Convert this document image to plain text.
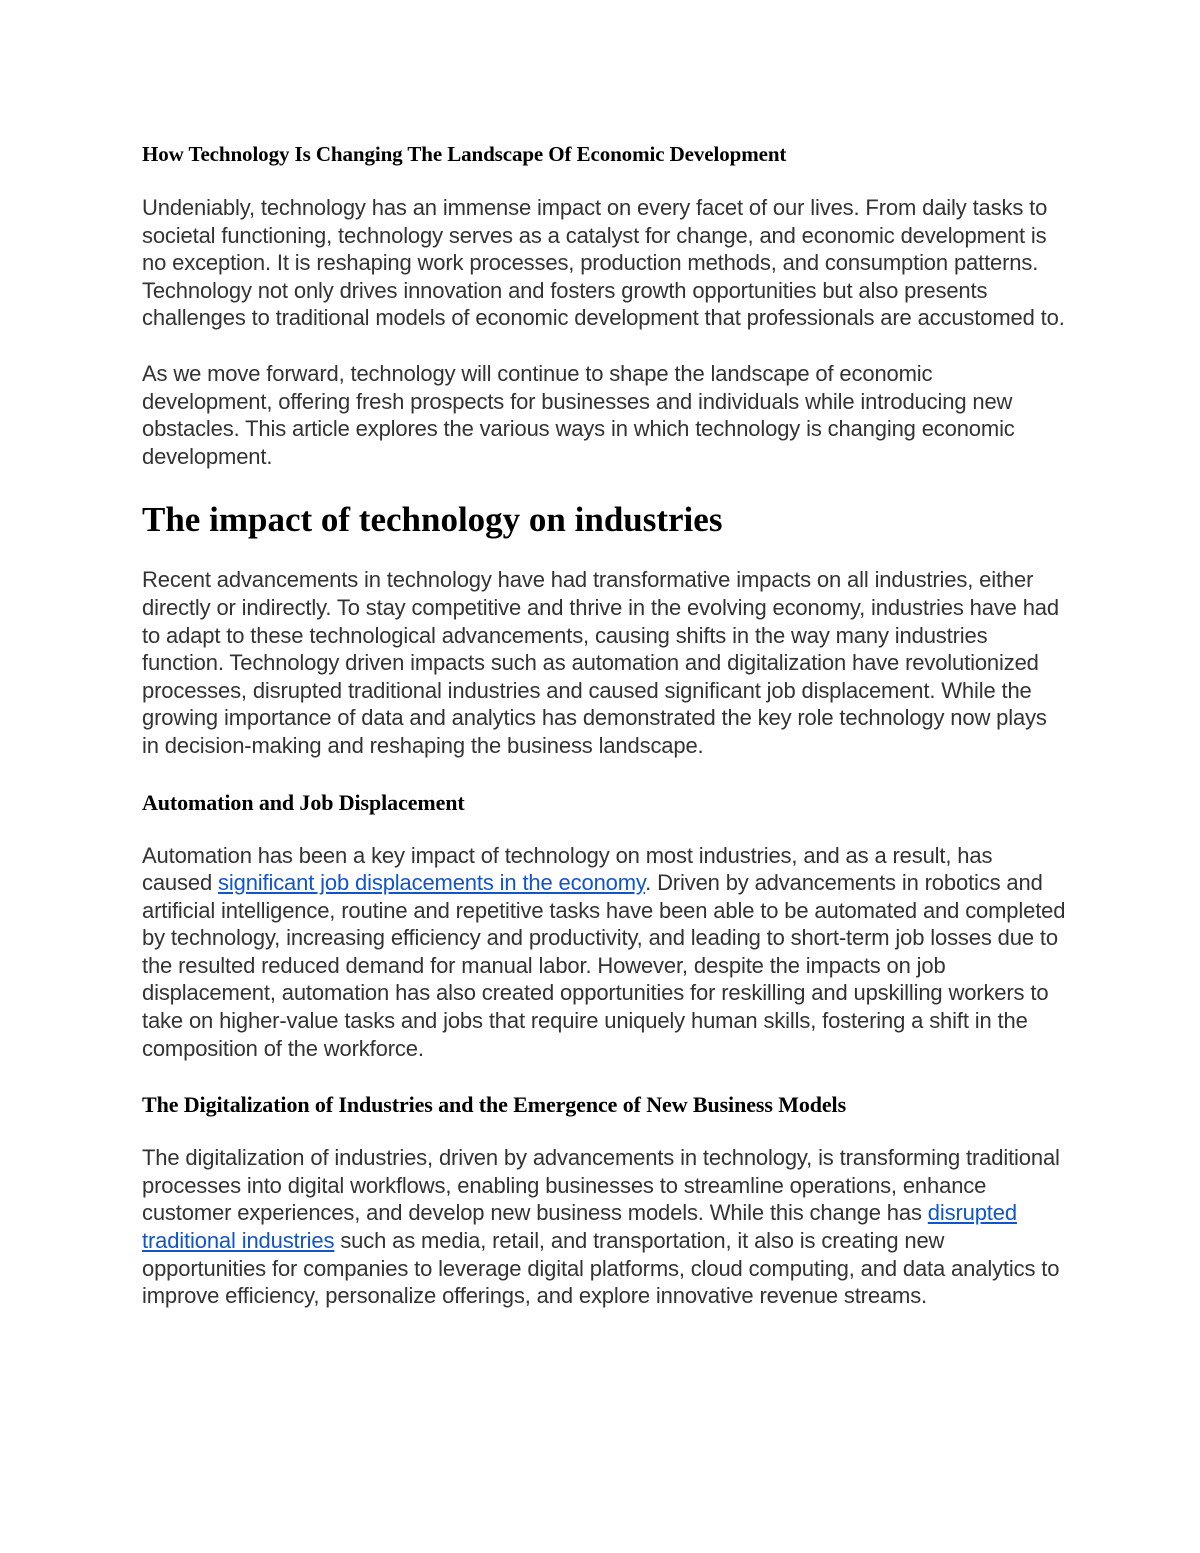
How Technology Is Changing The Landscape Of Economic Development

Undeniably, technology has an immense impact on every facet of our lives. From daily tasks to societal functioning, technology serves as a catalyst for change, and economic development is no exception. It is reshaping work processes, production methods, and consumption patterns. Technology not only drives innovation and fosters growth opportunities but also presents challenges to traditional models of economic development that professionals are accustomed to.

As we move forward, technology will continue to shape the landscape of economic development, offering fresh prospects for businesses and individuals while introducing new obstacles. This article explores the various ways in which technology is changing economic development.

The impact of technology on industries

Recent advancements in technology have had transformative impacts on all industries, either directly or indirectly. To stay competitive and thrive in the evolving economy, industries have had to adapt to these technological advancements, causing shifts in the way many industries function. Technology driven impacts such as automation and digitalization have revolutionized processes, disrupted traditional industries and caused significant job displacement. While the growing importance of data and analytics has demonstrated the key role technology now plays in decision-making and reshaping the business landscape.

Automation and Job Displacement

Automation has been a key impact of technology on most industries, and as a result, has caused significant job displacements in the economy. Driven by advancements in robotics and artificial intelligence, routine and repetitive tasks have been able to be automated and completed by technology, increasing efficiency and productivity, and leading to short-term job losses due to the resulted reduced demand for manual labor. However, despite the impacts on job displacement, automation has also created opportunities for reskilling and upskilling workers to take on higher-value tasks and jobs that require uniquely human skills, fostering a shift in the composition of the workforce.

The Digitalization of Industries and the Emergence of New Business Models

The digitalization of industries, driven by advancements in technology, is transforming traditional processes into digital workflows, enabling businesses to streamline operations, enhance customer experiences, and develop new business models. While this change has disrupted traditional industries such as media, retail, and transportation, it also is creating new opportunities for companies to leverage digital platforms, cloud computing, and data analytics to improve efficiency, personalize offerings, and explore innovative revenue streams.
